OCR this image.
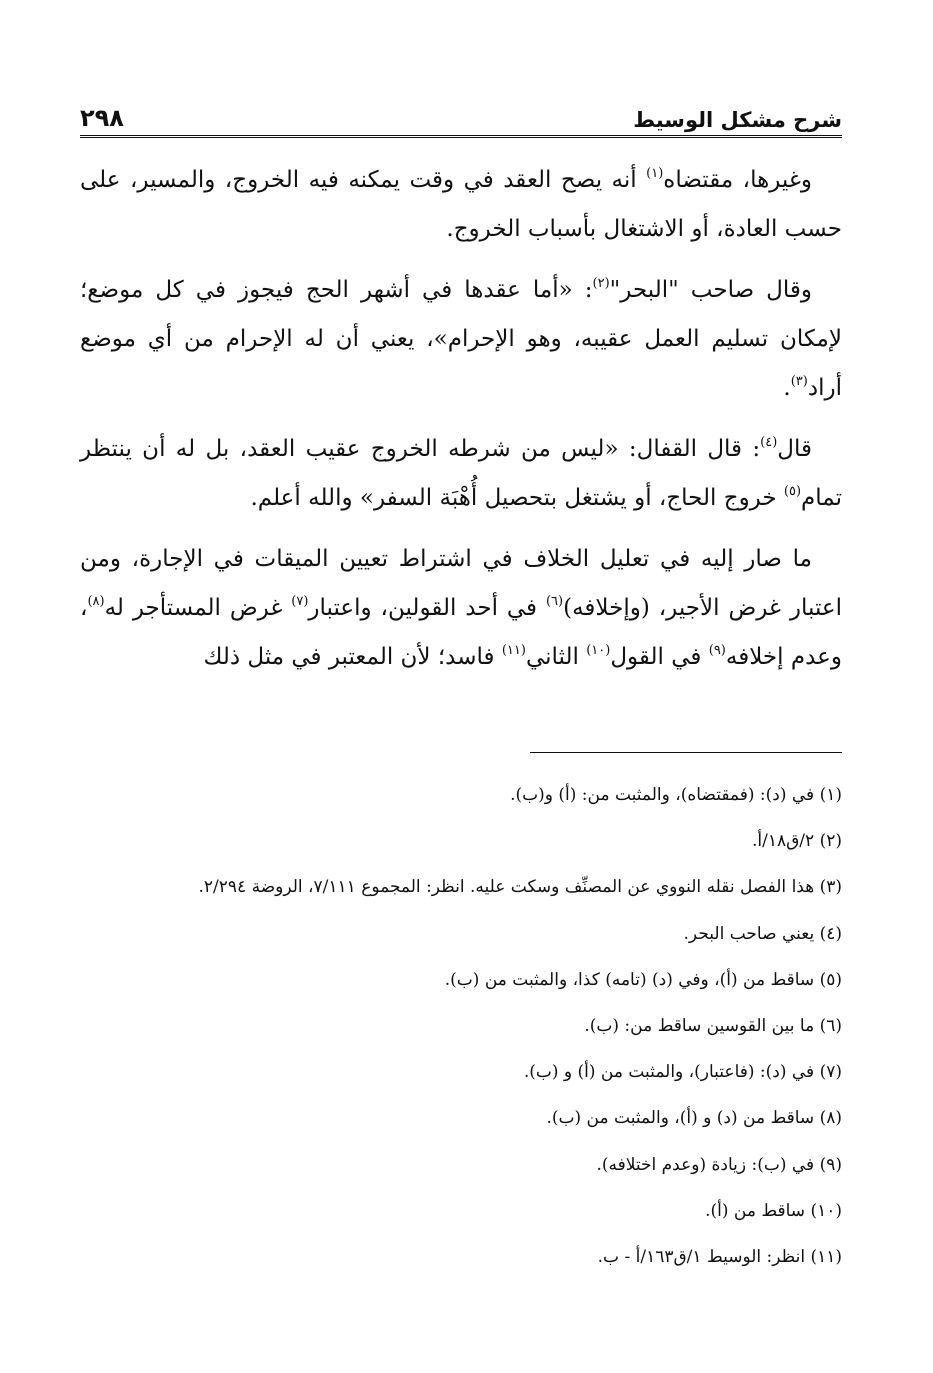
شرح مشكل الوسيط
٢٩٨

وغيرها، مقتضاه$^{(١)}$ أنه يصح العقد في وقت يمكنه فيه الخروج، والمسير، على حسب العادة، أو الاشتغال بأسباب الخروج.

وقال صاحب "البحر"$^{(٢)}$: «أما عقدها في أشهر الحج فيجوز في كل موضع؛ لإمكان تسليم العمل عقيبه، وهو الإحرام»، يعني أن له الإحرام من أي موضع أراد$^{(٣)}$.

قال$^{(٤)}$: قال القفال: «ليس من شرطه الخروج عقيب العقد، بل له أن ينتظر تمام$^{(٥)}$ خروج الحاج، أو يشتغل بتحصيل أُهْبَة السفر» والله أعلم.

ما صار إليه في تعليل الخلاف في اشتراط تعيين الميقات في الإجارة، ومن اعتبار غرض الأجير، (وإخلافه)$^{(٦)}$ في أحد القولين، واعتبار$^{(٧)}$ غرض المستأجر له$^{(٨)}$، وعدم إخلافه$^{(٩)}$ في القول$^{(١٠)}$ الثاني$^{(١١)}$ فاسد؛ لأن المعتبر في مثل ذلك

(١) في (د): (فمقتضاه)، والمثبت من: (أ) و(ب).
(٢) ٢/ق١٨/أ.
(٣) هذا الفصل نقله النووي عن المصنِّف وسكت عليه. انظر: المجموع ٧/١١١، الروضة ٢/٢٩٤.
(٤) يعني صاحب البحر.
(٥) ساقط من (أ)، وفي (د) (تامه) كذا، والمثبت من (ب).
(٦) ما بين القوسين ساقط من: (ب).
(٧) في (د): (فاعتبار)، والمثبت من (أ) و (ب).
(٨) ساقط من (د) و (أ)، والمثبت من (ب).
(٩) في (ب): زيادة (وعدم اختلافه).
(١٠) ساقط من (أ).
(١١) انظر: الوسيط ١/ق١٦٣/أ - ب.
